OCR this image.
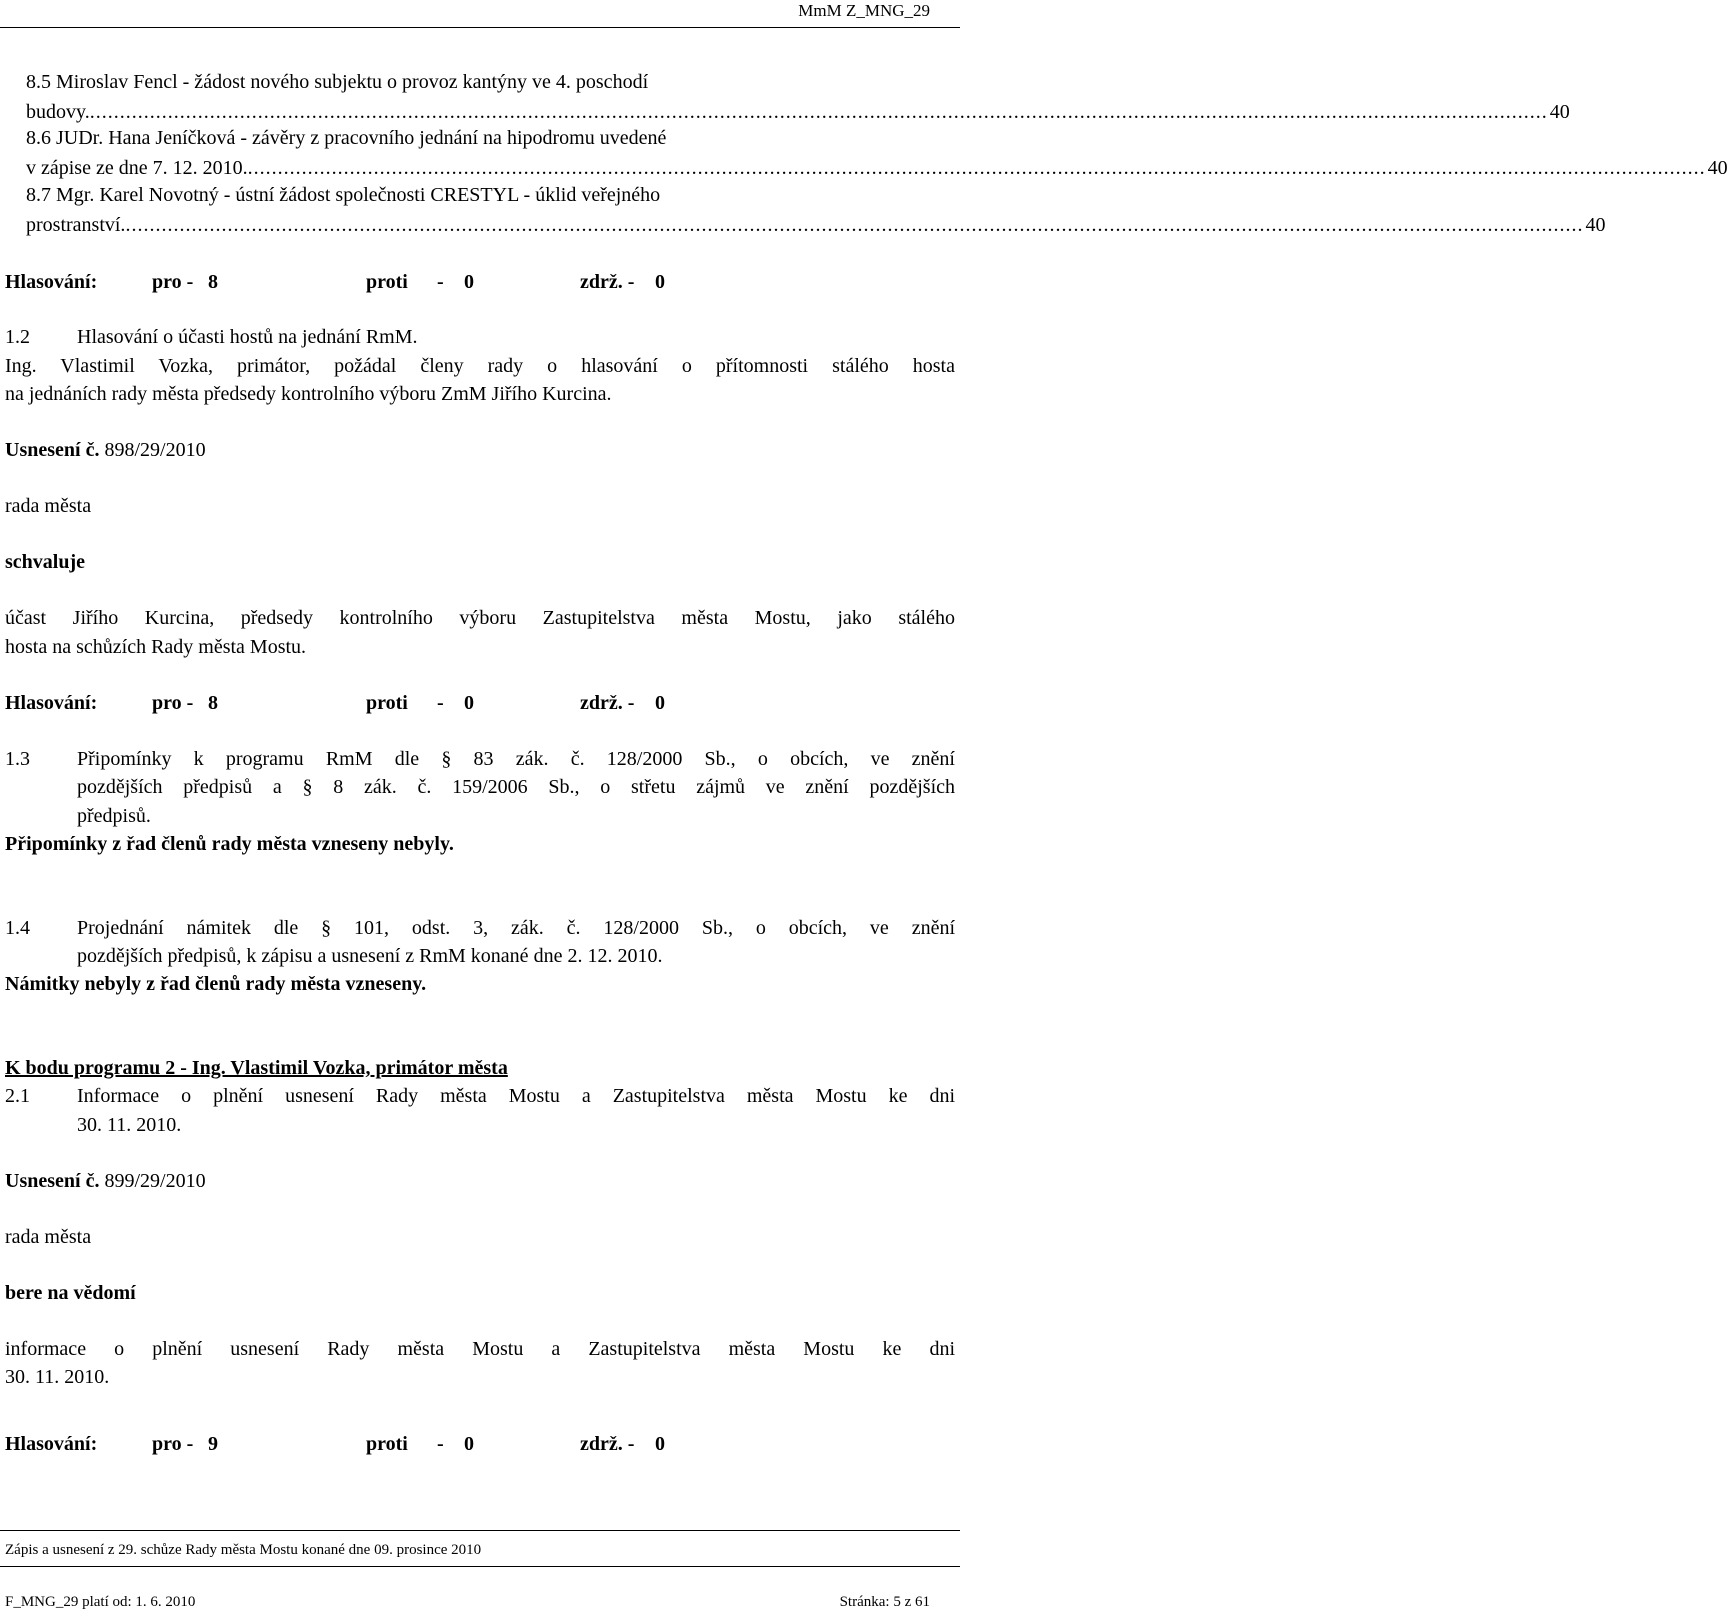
MmM Z_MNG_29
8.5 Miroslav Fencl - žádost nového subjektu o provoz kantýny ve 4. poschodí
budovy. ................................................................................................................................................................................................................................................... 40
8.6 JUDr. Hana Jeníčková - závěry z pracovního jednání na hipodromu uvedené
v zápise ze dne 7. 12. 2010. ................................................................................................................................................................................................................................................... 40
8.7 Mgr. Karel Novotný - ústní žádost společnosti CRESTYL - úklid veřejného
prostranství. ................................................................................................................................................................................................................................................... 40
Hlasování:	pro - 8	proti - 0	zdrž. - 0
1.2 Hlasování o účasti hostů na jednání RmM.
Ing. Vlastimil Vozka, primátor, požádal členy rady o hlasování o přítomnosti stálého hosta
na jednáních rady města předsedy kontrolního výboru ZmM Jiřího Kurcina.
Usnesení č. 898/29/2010
rada města
schvaluje
účast Jiřího Kurcina, předsedy kontrolního výboru Zastupitelstva města Mostu, jako stálého
hosta na schůzích Rady města Mostu.
Hlasování:	pro - 8	proti - 0	zdrž. - 0
1.3 Připomínky k programu RmM dle § 83 zák. č. 128/2000 Sb., o obcích, ve znění
pozdějších předpisů a § 8 zák. č. 159/2006 Sb., o střetu zájmů ve znění pozdějších
předpisů.
Připomínky z řad členů rady města vzneseny nebyly.
1.4 Projednání námitek dle § 101, odst. 3, zák. č. 128/2000 Sb., o obcích, ve znění
pozdějších předpisů, k zápisu a usnesení z RmM konané dne 2. 12. 2010.
Námitky nebyly z řad členů rady města vzneseny.
K bodu programu 2 - Ing. Vlastimil Vozka, primátor města
2.1 Informace o plnění usnesení Rady města Mostu a Zastupitelstva města Mostu ke dni
30. 11. 2010.
Usnesení č. 899/29/2010
rada města
bere na vědomí
informace o plnění usnesení Rady města Mostu a Zastupitelstva města Mostu ke dni
30. 11. 2010.
Hlasování:	pro - 9	proti - 0	zdrž. - 0
Zápis a usnesení z 29. schůze Rady města Mostu konané dne 09. prosince 2010
F_MNG_29 platí od: 1. 6. 2010	Stránka: 5 z 61
